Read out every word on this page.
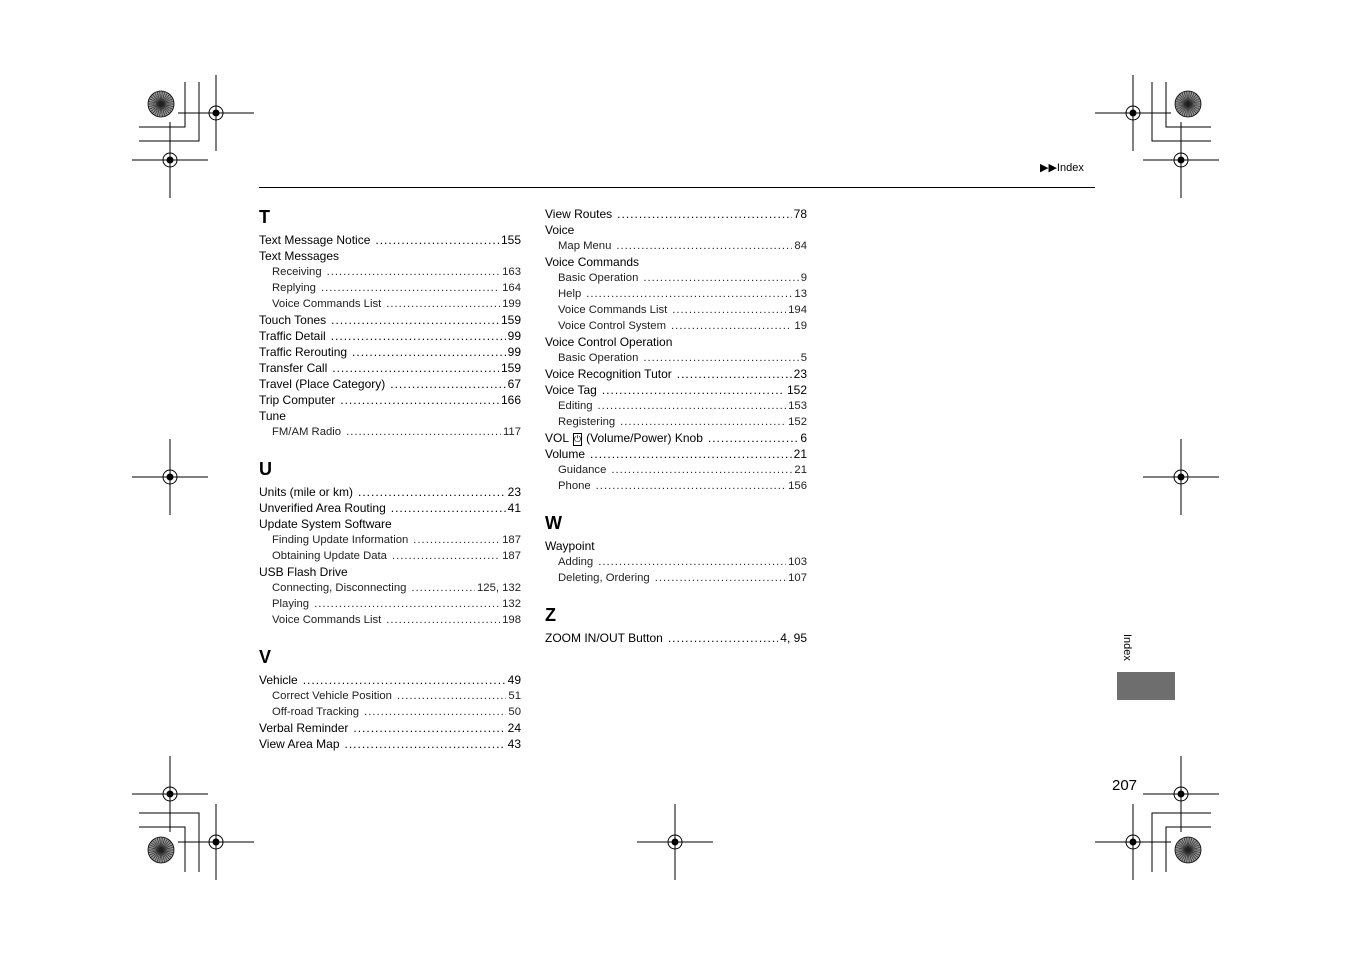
▶▶Index
T
Text Message Notice .....	155
Text Messages
Receiving .....	163
Replying .....	164
Voice Commands List .....	199
Touch Tones .....	159
Traffic Detail .....	99
Traffic Rerouting .....	99
Transfer Call .....	159
Travel (Place Category) .....	67
Trip Computer .....	166
Tune
FM/AM Radio .....	117
U
Units (mile or km) .....	23
Unverified Area Routing .....	41
Update System Software
Finding Update Information .....	187
Obtaining Update Data .....	187
USB Flash Drive
Connecting, Disconnecting .....	125, 132
Playing .....	132
Voice Commands List .....	198
V
Vehicle .....	49
Correct Vehicle Position .....	51
Off-road Tracking .....	50
Verbal Reminder .....	24
View Area Map .....	43
View Routes .....	78
Voice
Map Menu .....	84
Voice Commands
Basic Operation .....	9
Help .....	13
Voice Commands List .....	194
Voice Control System .....	19
Voice Control Operation
Basic Operation .....	5
Voice Recognition Tutor .....	23
Voice Tag .....	152
Editing .....	153
Registering .....	152
VOL ⏻ (Volume/Power) Knob .....	6
Volume .....	21
Guidance .....	21
Phone .....	156
W
Waypoint
Adding .....	103
Deleting, Ordering .....	107
Z
ZOOM IN/OUT Button .....	4, 95	Index
207
